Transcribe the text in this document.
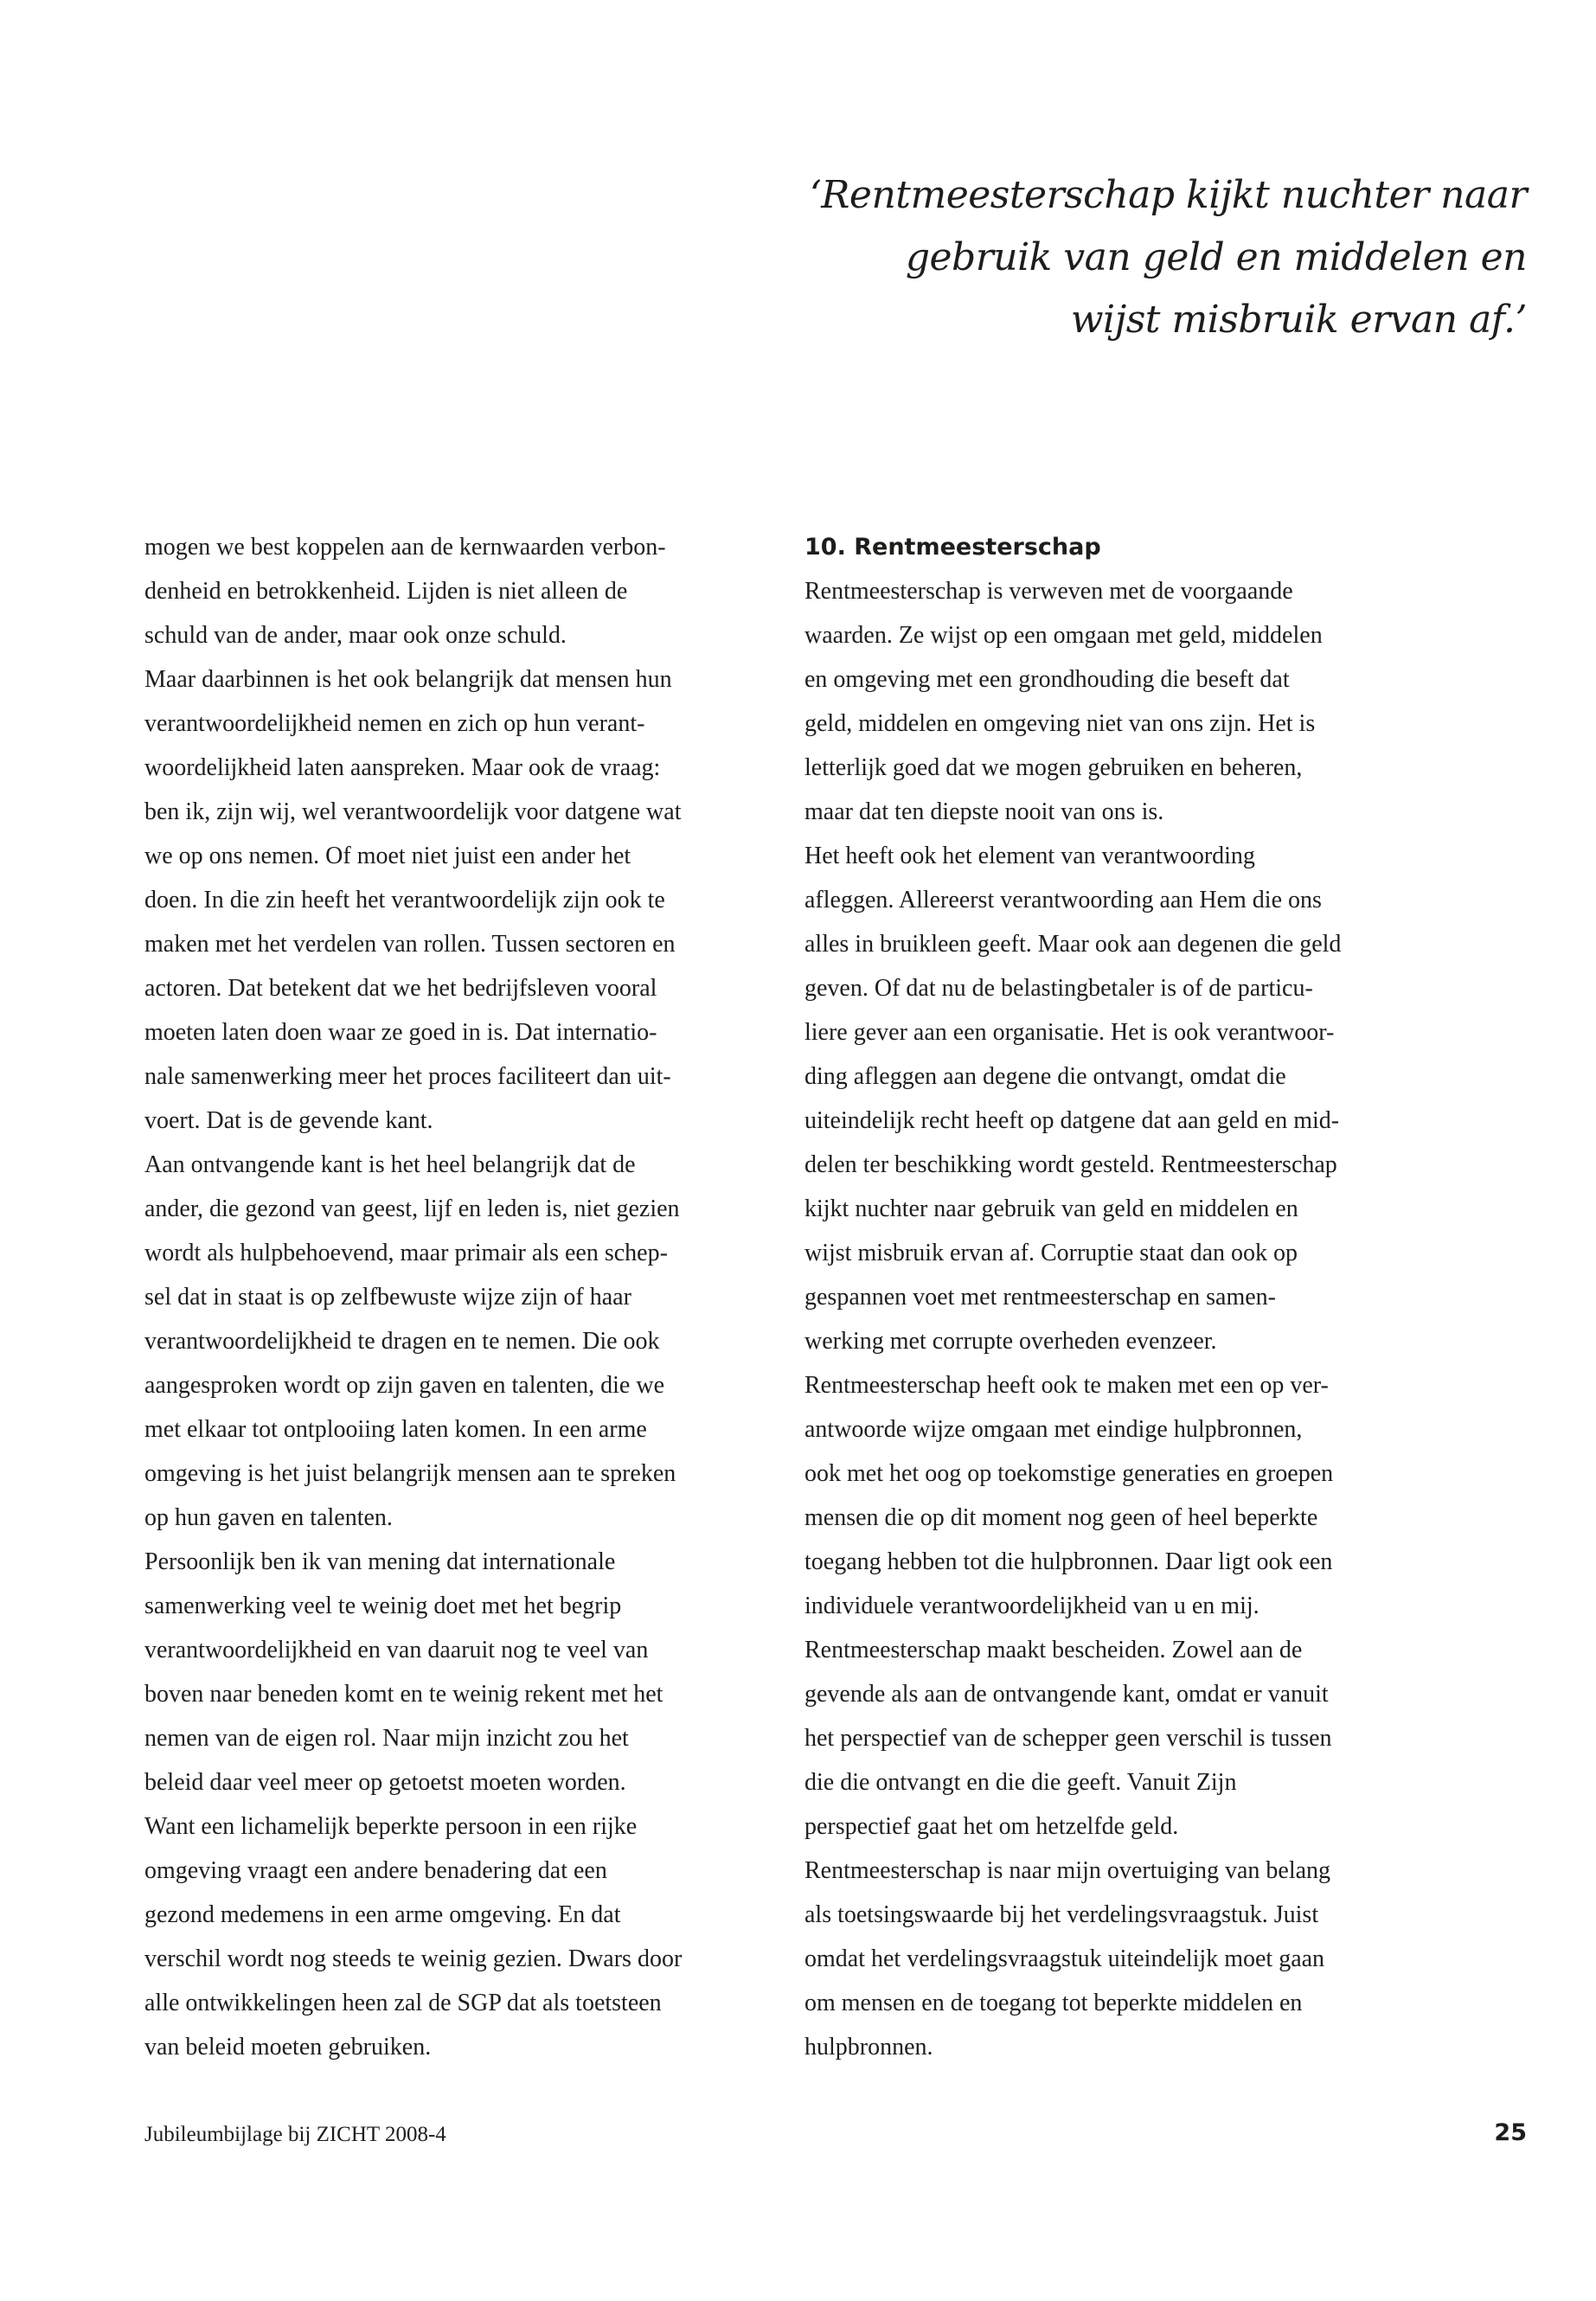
‘Rentmeesterschap kijkt nuchter naar
gebruik van geld en middelen en
wijst misbruik ervan af.’
mogen we best koppelen aan de kernwaarden verbon-
denheid en betrokkenheid. Lijden is niet alleen de
schuld van de ander, maar ook onze schuld.
Maar daarbinnen is het ook belangrijk dat mensen hun
verantwoordelijkheid nemen en zich op hun verant-
woordelijkheid laten aanspreken. Maar ook de vraag:
ben ik, zijn wij, wel verantwoordelijk voor datgene wat
we op ons nemen. Of moet niet juist een ander het
doen. In die zin heeft het verantwoordelijk zijn ook te
maken met het verdelen van rollen. Tussen sectoren en
actoren. Dat betekent dat we het bedrijfsleven vooral
moeten laten doen waar ze goed in is. Dat internatio-
nale samenwerking meer het proces faciliteert dan uit-
voert. Dat is de gevende kant.
Aan ontvangende kant is het heel belangrijk dat de
ander, die gezond van geest, lijf en leden is, niet gezien
wordt als hulpbehoevend, maar primair als een schep-
sel dat in staat is op zelfbewuste wijze zijn of haar
verantwoordelijkheid te dragen en te nemen. Die ook
aangesproken wordt op zijn gaven en talenten, die we
met elkaar tot ontplooiing laten komen. In een arme
omgeving is het juist belangrijk mensen aan te spreken
op hun gaven en talenten.
Persoonlijk ben ik van mening dat internationale
samenwerking veel te weinig doet met het begrip
verantwoordelijkheid en van daaruit nog te veel van
boven naar beneden komt en te weinig rekent met het
nemen van de eigen rol. Naar mijn inzicht zou het
beleid daar veel meer op getoetst moeten worden.
Want een lichamelijk beperkte persoon in een rijke
omgeving vraagt een andere benadering dat een
gezond medemens in een arme omgeving. En dat
verschil wordt nog steeds te weinig gezien. Dwars door
alle ontwikkelingen heen zal de SGP dat als toetsteen
van beleid moeten gebruiken.
10. Rentmeesterschap
Rentmeesterschap is verweven met de voorgaande
waarden. Ze wijst op een omgaan met geld, middelen
en omgeving met een grondhouding die beseft dat
geld, middelen en omgeving niet van ons zijn. Het is
letterlijk goed dat we mogen gebruiken en beheren,
maar dat ten diepste nooit van ons is.
Het heeft ook het element van verantwoording
afleggen. Allereerst verantwoording aan Hem die ons
alles in bruikleen geeft. Maar ook aan degenen die geld
geven. Of dat nu de belastingbetaler is of de particu-
liere gever aan een organisatie. Het is ook verantwoor-
ding afleggen aan degene die ontvangt, omdat die
uiteindelijk recht heeft op datgene dat aan geld en mid-
delen ter beschikking wordt gesteld. Rentmeesterschap
kijkt nuchter naar gebruik van geld en middelen en
wijst misbruik ervan af. Corruptie staat dan ook op
gespannen voet met rentmeesterschap en samen-
werking met corrupte overheden evenzeer.
Rentmeesterschap heeft ook te maken met een op ver-
antwoorde wijze omgaan met eindige hulpbronnen,
ook met het oog op toekomstige generaties en groepen
mensen die op dit moment nog geen of heel beperkte
toegang hebben tot die hulpbronnen. Daar ligt ook een
individuele verantwoordelijkheid van u en mij.
Rentmeesterschap maakt bescheiden. Zowel aan de
gevende als aan de ontvangende kant, omdat er vanuit
het perspectief van de schepper geen verschil is tussen
die die ontvangt en die die geeft. Vanuit Zijn
perspectief gaat het om hetzelfde geld.
Rentmeesterschap is naar mijn overtuiging van belang
als toetsingswaarde bij het verdelingsvraagstuk. Juist
omdat het verdelingsvraagstuk uiteindelijk moet gaan
om mensen en de toegang tot beperkte middelen en
hulpbronnen.
Jubileumbijlage bij ZICHT 2008-4	25
